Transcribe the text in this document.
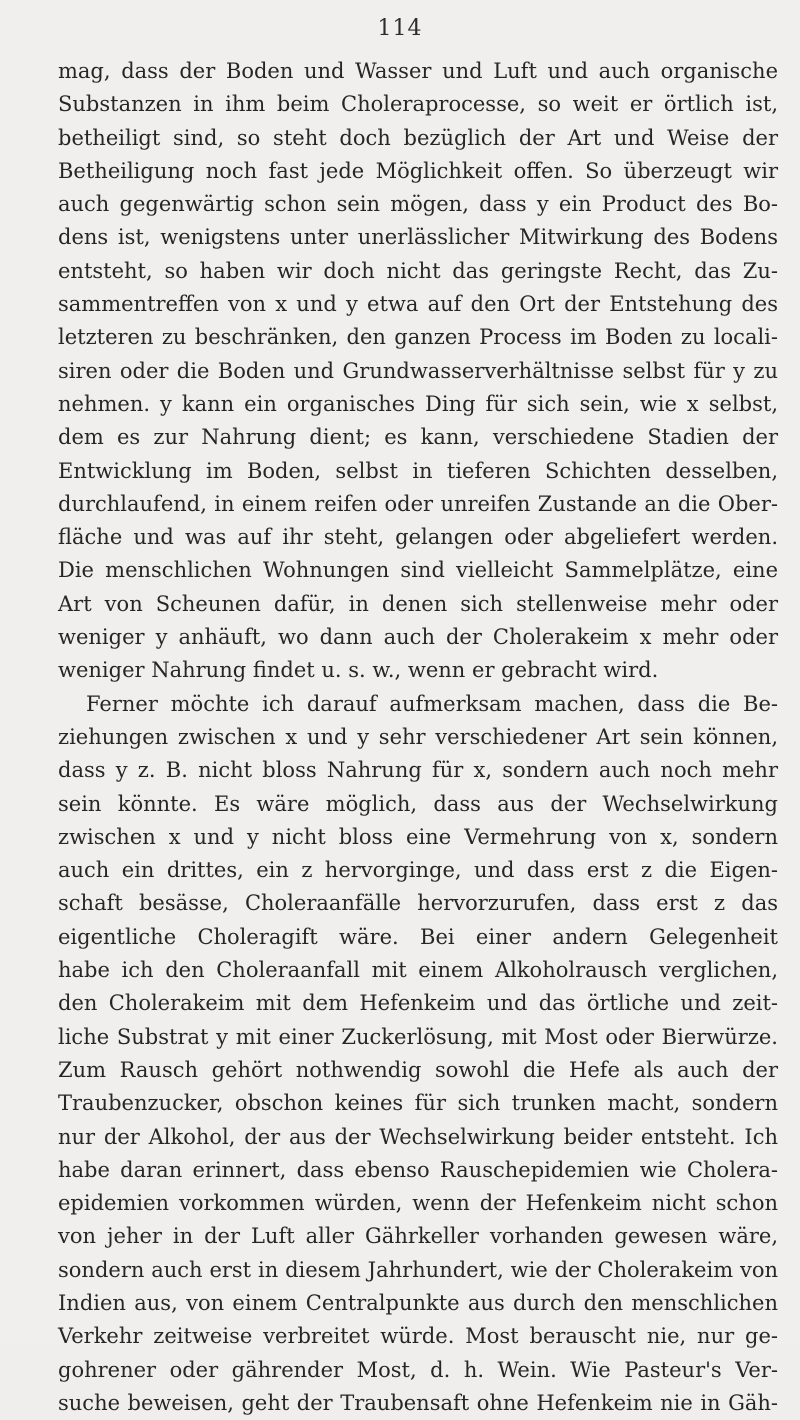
114
mag, dass der Boden und Wasser und Luft und auch organische
Substanzen in ihm beim Choleraprocesse, so weit er örtlich ist,
betheiligt sind, so steht doch bezüglich der Art und Weise der
Betheiligung noch fast jede Möglichkeit offen. So überzeugt wir
auch gegenwärtig schon sein mögen, dass y ein Product des Bo-
dens ist, wenigstens unter unerlässlicher Mitwirkung des Bodens
entsteht, so haben wir doch nicht das geringste Recht, das Zu-
sammentreffen von x und y etwa auf den Ort der Entstehung des
letzteren zu beschränken, den ganzen Process im Boden zu locali-
siren oder die Boden und Grundwasserverhältnisse selbst für y zu
nehmen. y kann ein organisches Ding für sich sein, wie x selbst,
dem es zur Nahrung dient; es kann, verschiedene Stadien der
Entwicklung im Boden, selbst in tieferen Schichten desselben,
durchlaufend, in einem reifen oder unreifen Zustande an die Ober-
fläche und was auf ihr steht, gelangen oder abgeliefert werden.
Die menschlichen Wohnungen sind vielleicht Sammelplätze, eine
Art von Scheunen dafür, in denen sich stellenweise mehr oder
weniger y anhäuft, wo dann auch der Cholerakeim x mehr oder
weniger Nahrung findet u. s. w., wenn er gebracht wird.
Ferner möchte ich darauf aufmerksam machen, dass die Be-
ziehungen zwischen x und y sehr verschiedener Art sein können,
dass y z. B. nicht bloss Nahrung für x, sondern auch noch mehr
sein könnte. Es wäre möglich, dass aus der Wechselwirkung
zwischen x und y nicht bloss eine Vermehrung von x, sondern
auch ein drittes, ein z hervorginge, und dass erst z die Eigen-
schaft besässe, Choleraanfälle hervorzurufen, dass erst z das
eigentliche Choleragift wäre. Bei einer andern Gelegenheit
habe ich den Choleraanfall mit einem Alkoholrausch verglichen,
den Cholerakeim mit dem Hefenkeim und das örtliche und zeit-
liche Substrat y mit einer Zuckerlösung, mit Most oder Bierwürze.
Zum Rausch gehört nothwendig sowohl die Hefe als auch der
Traubenzucker, obschon keines für sich trunken macht, sondern
nur der Alkohol, der aus der Wechselwirkung beider entsteht. Ich
habe daran erinnert, dass ebenso Rauschepidemien wie Cholera-
epidemien vorkommen würden, wenn der Hefenkeim nicht schon
von jeher in der Luft aller Gährkeller vorhanden gewesen wäre,
sondern auch erst in diesem Jahrhundert, wie der Cholerakeim von
Indien aus, von einem Centralpunkte aus durch den menschlichen
Verkehr zeitweise verbreitet würde. Most berauscht nie, nur ge-
gohrener oder gährender Most, d. h. Wein. Wie Pasteur's Ver-
suche beweisen, geht der Traubensaft ohne Hefenkeim nie in Gäh-
